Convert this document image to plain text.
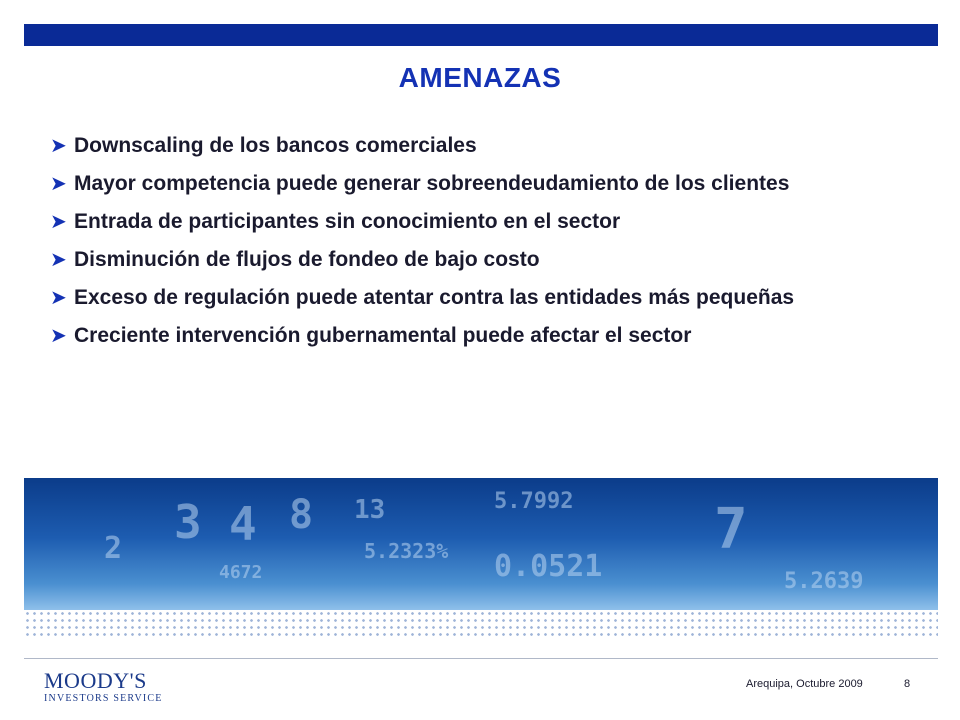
AMENAZAS
➤ Downscaling de los bancos comerciales
➤ Mayor competencia puede generar sobreendeudamiento de los clientes
➤ Entrada de participantes sin conocimiento en el sector
➤ Disminución de flujos de fondeo de bajo costo
➤ Exceso de regulación puede atentar contra las entidades más pequeñas
➤ Creciente intervención gubernamental puede afectar el sector
3 4 8 13	5.7992	7
5.2323%
4672	0.0521	5.2639
2
MOODY'S
INVESTORS SERVICE
Arequipa, Octubre 2009	8
